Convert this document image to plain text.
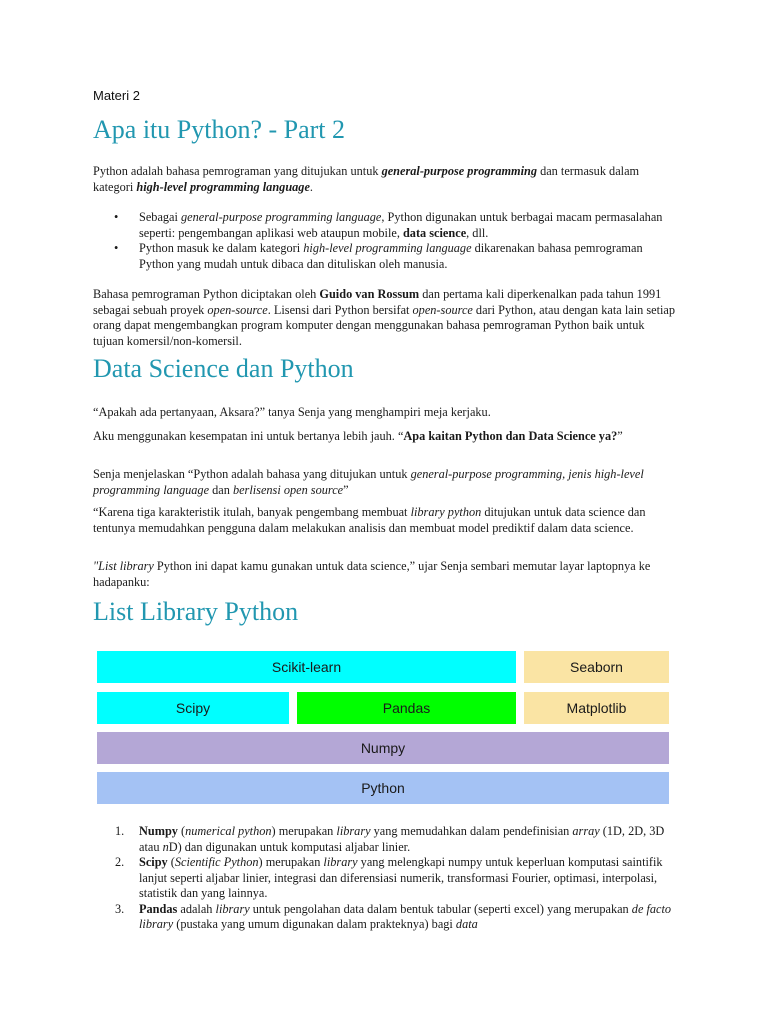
Materi 2
Apa itu Python? - Part 2

Python adalah bahasa pemrograman yang ditujukan untuk general-purpose programming dan termasuk dalam kategori high-level programming language.

• Sebagai general-purpose programming language, Python digunakan untuk berbagai macam permasalahan seperti: pengembangan aplikasi web ataupun mobile, data science, dll.
• Python masuk ke dalam kategori high-level programming language dikarenakan bahasa pemrograman Python yang mudah untuk dibaca dan dituliskan oleh manusia.

Bahasa pemrograman Python diciptakan oleh Guido van Rossum dan pertama kali diperkenalkan pada tahun 1991 sebagai sebuah proyek open-source. Lisensi dari Python bersifat open-source dari Python, atau dengan kata lain setiap orang dapat mengembangkan program komputer dengan menggunakan bahasa pemrograman Python baik untuk tujuan komersil/non-komersil.

Data Science dan Python

“Apakah ada pertanyaan, Aksara?” tanya Senja yang menghampiri meja kerjaku.

Aku menggunakan kesempatan ini untuk bertanya lebih jauh. “Apa kaitan Python dan Data Science ya?”

Senja menjelaskan “Python adalah bahasa yang ditujukan untuk general-purpose programming, jenis high-level programming language dan berlisensi open source”

“Karena tiga karakteristik itulah, banyak pengembang membuat library python ditujukan untuk data science dan tentunya memudahkan pengguna dalam melakukan analisis dan membuat model prediktif dalam data science.

"List library Python ini dapat kamu gunakan untuk data science,” ujar Senja sembari memutar layar laptopnya ke hadapanku:

List Library Python
Scikit-learn	Seaborn
Scipy	Pandas	Matplotlib
Numpy
Python
1. Numpy (numerical python) merupakan library yang memudahkan dalam pendefinisian array (1D, 2D, 3D atau nD) dan digunakan untuk komputasi aljabar linier.
2. Scipy (Scientific Python) merupakan library yang melengkapi numpy untuk keperluan komputasi saintifik lanjut seperti aljabar linier, integrasi dan diferensiasi numerik, transformasi Fourier, optimasi, interpolasi, statistik dan yang lainnya.
3. Pandas adalah library untuk pengolahan data dalam bentuk tabular (seperti excel) yang merupakan de facto library (pustaka yang umum digunakan dalam prakteknya) bagi data
